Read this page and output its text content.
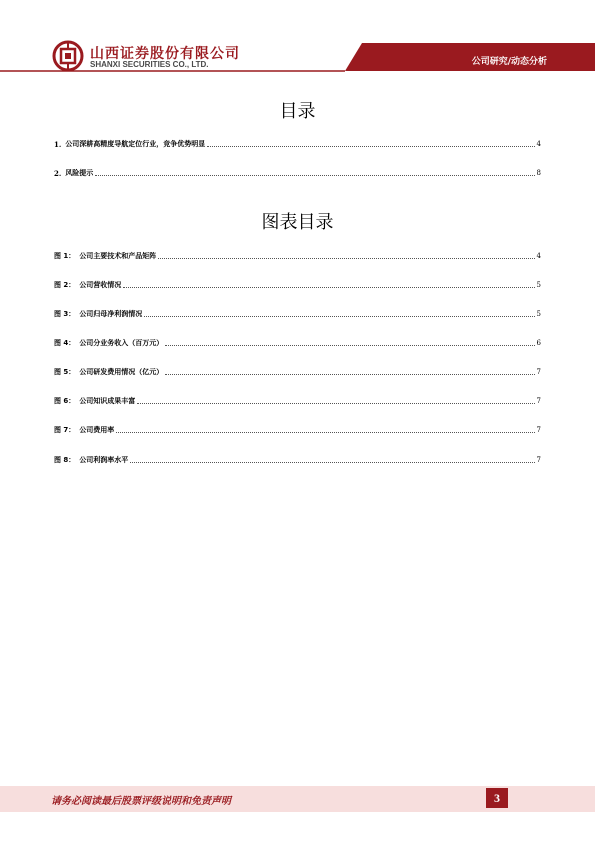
山西证券股份有限公司
SHANXI SECURITIES CO., LTD.	公司研究/动态分析
目录
1. 公司深耕高精度导航定位行业，竞争优势明显	4
2. 风险提示	8
图表目录
图 1： 公司主要技术和产品矩阵	4
图 2： 公司营收情况	5
图 3： 公司归母净利润情况	5
图 4： 公司分业务收入（百万元）	6
图 5： 公司研发费用情况（亿元）	7
图 6： 公司知识成果丰富	7
图 7： 公司费用率	7
图 8： 公司利润率水平	7
请务必阅读最后股票评级说明和免责声明	3
